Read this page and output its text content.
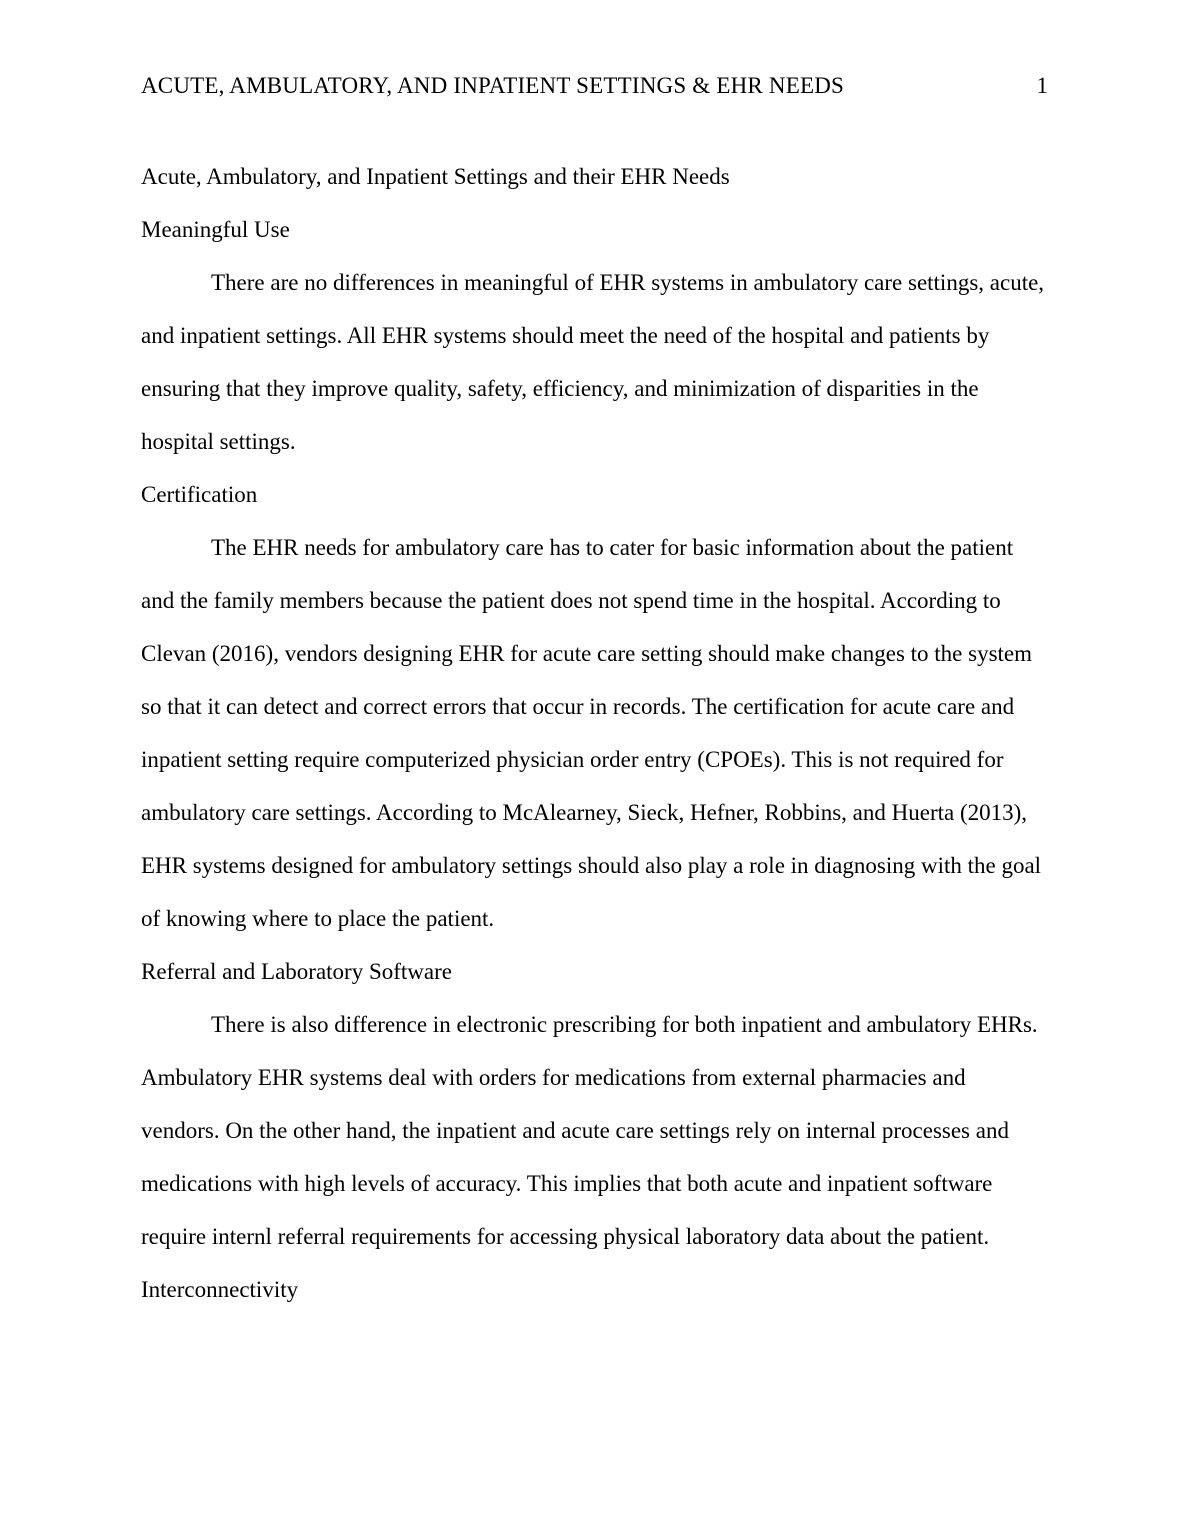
ACUTE, AMBULATORY, AND INPATIENT SETTINGS & EHR NEEDS	1

Acute, Ambulatory, and Inpatient Settings and their EHR Needs

Meaningful Use

There are no differences in meaningful of EHR systems in ambulatory care settings, acute, and inpatient settings. All EHR systems should meet the need of the hospital and patients by ensuring that they improve quality, safety, efficiency, and minimization of disparities in the hospital settings.

Certification

The EHR needs for ambulatory care has to cater for basic information about the patient and the family members because the patient does not spend time in the hospital. According to Clevan (2016), vendors designing EHR for acute care setting should make changes to the system so that it can detect and correct errors that occur in records. The certification for acute care and inpatient setting require computerized physician order entry (CPOEs). This is not required for ambulatory care settings. According to McAlearney, Sieck, Hefner, Robbins, and Huerta (2013), EHR systems designed for ambulatory settings should also play a role in diagnosing with the goal of knowing where to place the patient.

Referral and Laboratory Software

There is also difference in electronic prescribing for both inpatient and ambulatory EHRs. Ambulatory EHR systems deal with orders for medications from external pharmacies and vendors. On the other hand, the inpatient and acute care settings rely on internal processes and medications with high levels of accuracy. This implies that both acute and inpatient software require internl referral requirements for accessing physical laboratory data about the patient.

Interconnectivity
